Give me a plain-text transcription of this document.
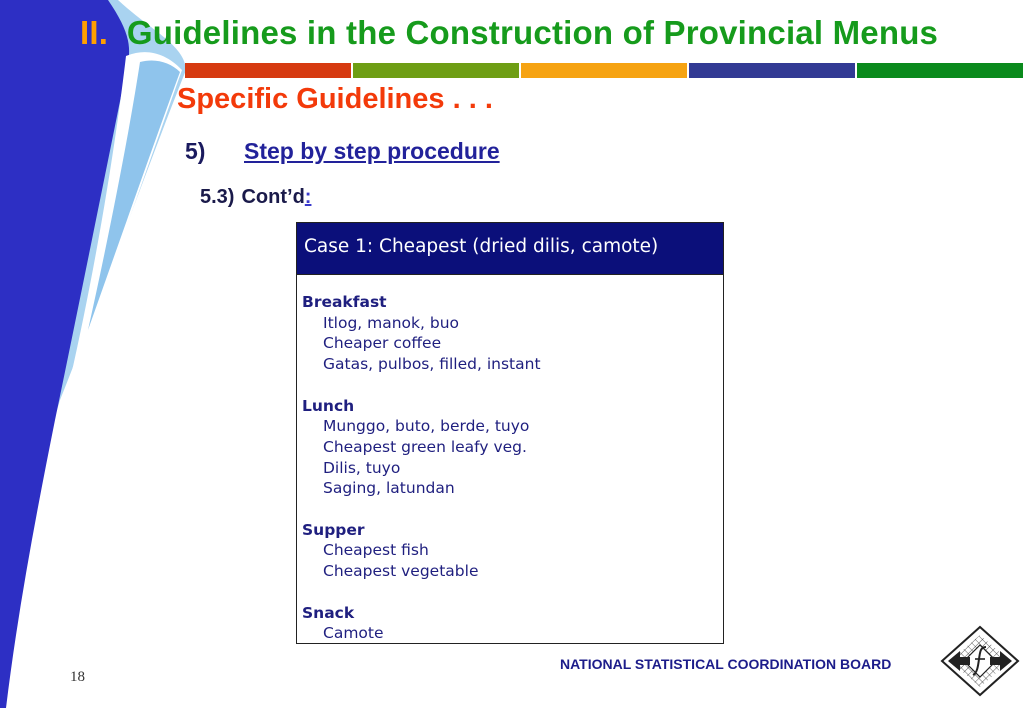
II. Guidelines in the Construction of Provincial Menus
Specific Guidelines . . .
5) Step by step procedure
5.3) Cont’d:
Case 1: Cheapest (dried dilis, camote)
Breakfast
Itlog, manok, buo
Cheaper coffee
Gatas, pulbos, filled, instant
Lunch
Munggo, buto, berde, tuyo
Cheapest green leafy veg.
Dilis, tuyo
Saging, latundan
Supper
Cheapest fish
Cheapest vegetable
Snack
Camote
18
NATIONAL STATISTICAL COORDINATION BOARD
